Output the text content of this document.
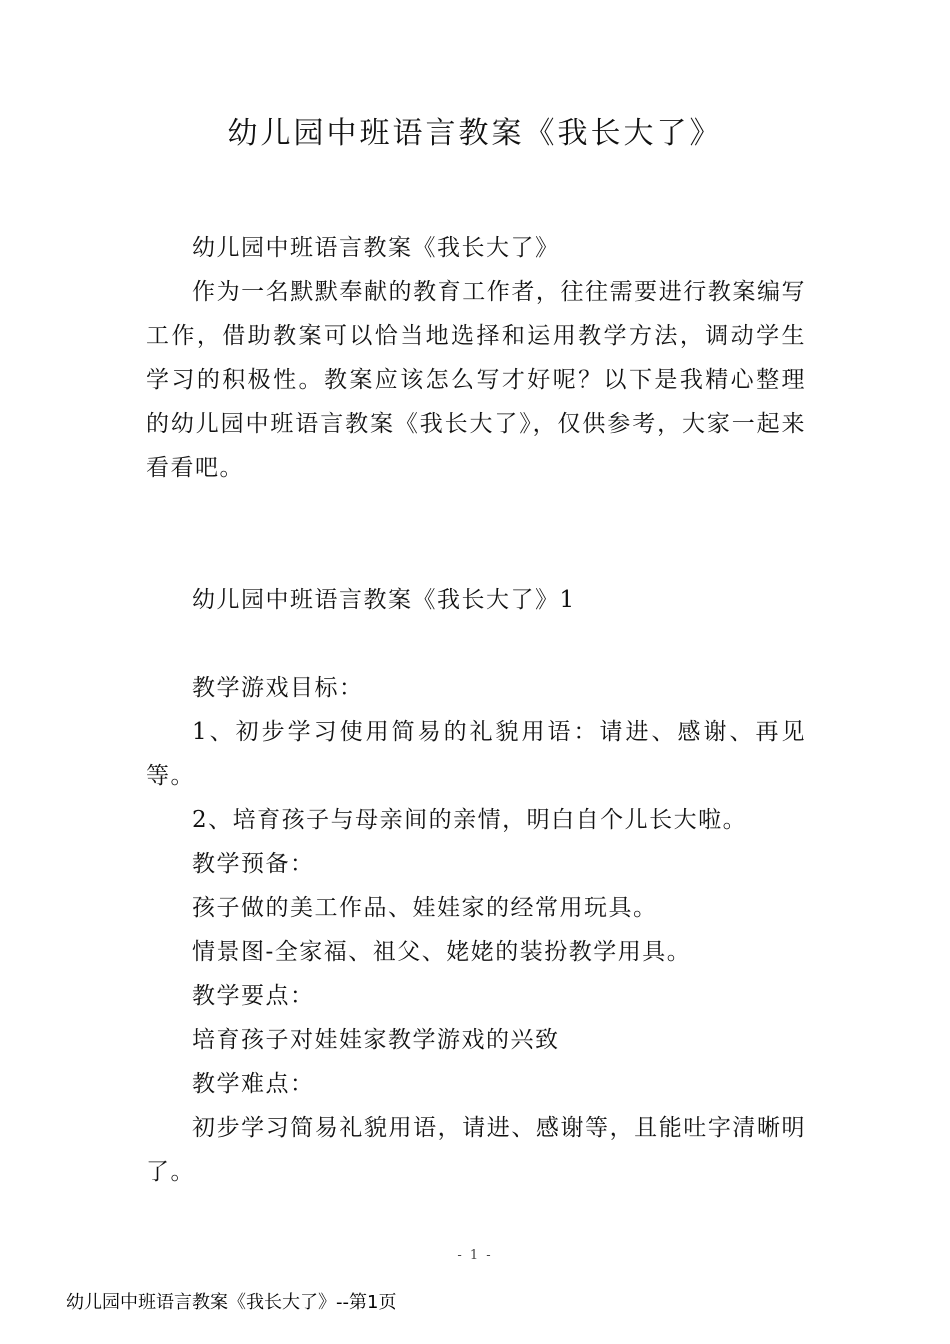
幼儿园中班语言教案《我长大了》

幼儿园中班语言教案《我长大了》

作为一名默默奉献的教育工作者，往往需要进行教案编写工作，借助教案可以恰当地选择和运用教学方法，调动学生学习的积极性。教案应该怎么写才好呢？以下是我精心整理的幼儿园中班语言教案《我长大了》，仅供参考，大家一起来看看吧。

幼儿园中班语言教案《我长大了》1

教学游戏目标：

1、初步学习使用简易的礼貌用语：请进、感谢、再见等。

2、培育孩子与母亲间的亲情，明白自个儿长大啦。

教学预备：

孩子做的美工作品、娃娃家的经常用玩具。

情景图-全家福、祖父、姥姥的装扮教学用具。

教学要点：

培育孩子对娃娃家教学游戏的兴致

教学难点：

初步学习简易礼貌用语，请进、感谢等，且能吐字清晰明了。

- 1 -
幼儿园中班语言教案《我长大了》--第1页
